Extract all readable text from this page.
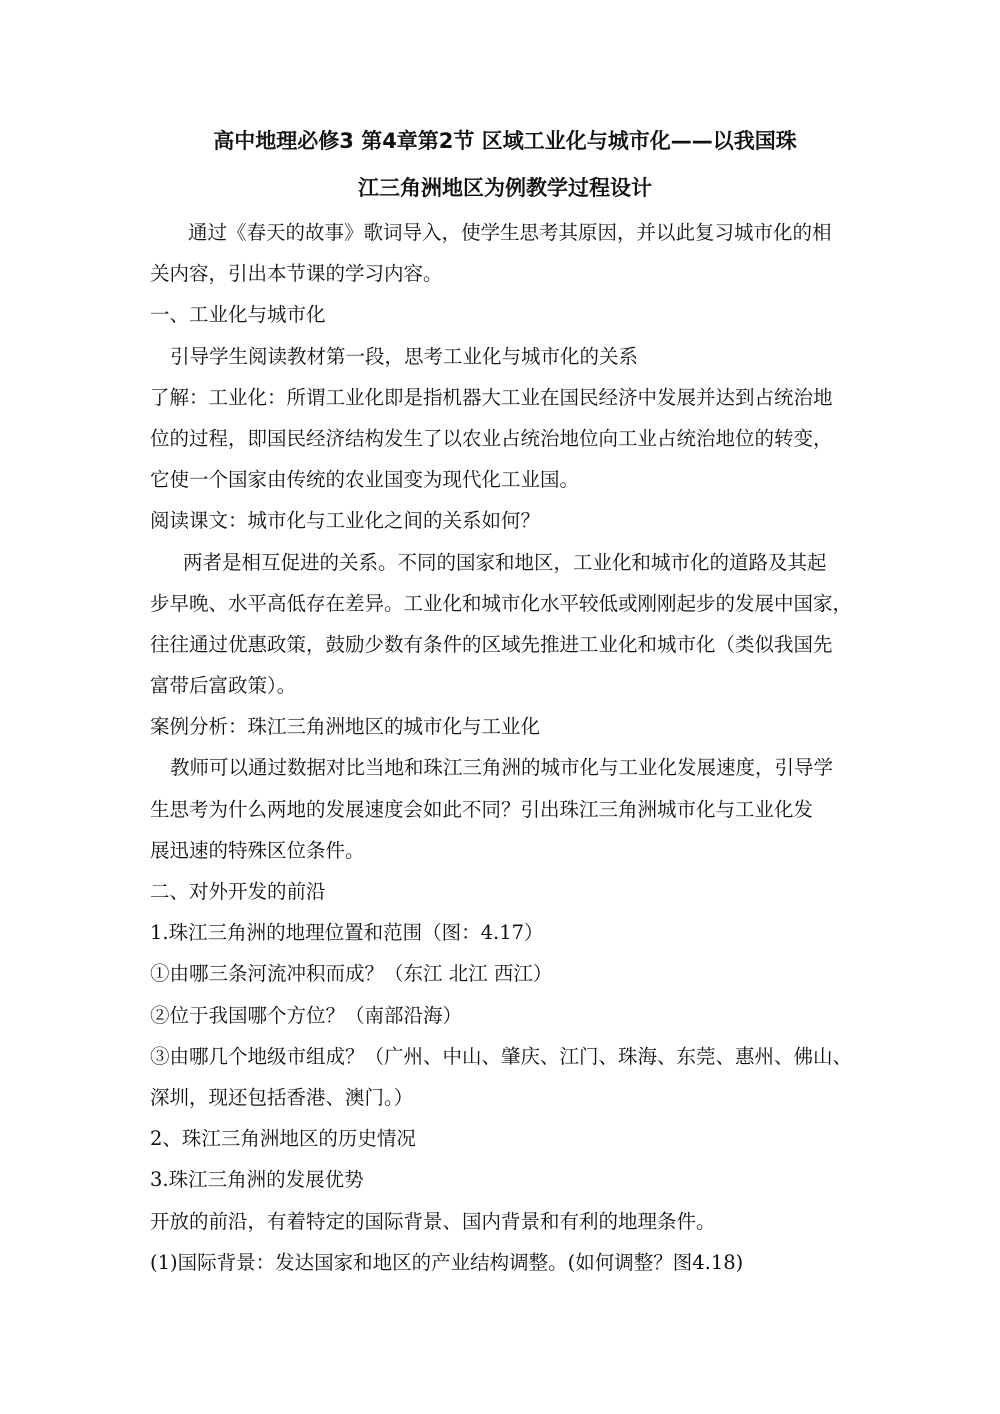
高中地理必修3 第4章第2节 区域工业化与城市化——以我国珠
江三角洲地区为例教学过程设计
通过《春天的故事》歌词导入，使学生思考其原因，并以此复习城市化的相
关内容，引出本节课的学习内容。
一、工业化与城市化
引导学生阅读教材第一段，思考工业化与城市化的关系
了解：工业化：所谓工业化即是指机器大工业在国民经济中发展并达到占统治地
位的过程，即国民经济结构发生了以农业占统治地位向工业占统治地位的转变，
它使一个国家由传统的农业国变为现代化工业国。
阅读课文：城市化与工业化之间的关系如何？
两者是相互促进的关系。不同的国家和地区，工业化和城市化的道路及其起
步早晚、水平高低存在差异。工业化和城市化水平较低或刚刚起步的发展中国家，
往往通过优惠政策，鼓励少数有条件的区域先推进工业化和城市化（类似我国先
富带后富政策）。
案例分析：珠江三角洲地区的城市化与工业化
教师可以通过数据对比当地和珠江三角洲的城市化与工业化发展速度，引导学
生思考为什么两地的发展速度会如此不同？引出珠江三角洲城市化与工业化发
展迅速的特殊区位条件。
二、对外开发的前沿
1.珠江三角洲的地理位置和范围（图：4.17）
①由哪三条河流冲积而成？（东江 北江 西江）
②位于我国哪个方位？（南部沿海）
③由哪几个地级市组成？（广州、中山、肇庆、江门、珠海、东莞、惠州、佛山、
深圳，现还包括香港、澳门。）
2、珠江三角洲地区的历史情况
3.珠江三角洲的发展优势
开放的前沿，有着特定的国际背景、国内背景和有利的地理条件。
(1)国际背景：发达国家和地区的产业结构调整。(如何调整？图4.18)
